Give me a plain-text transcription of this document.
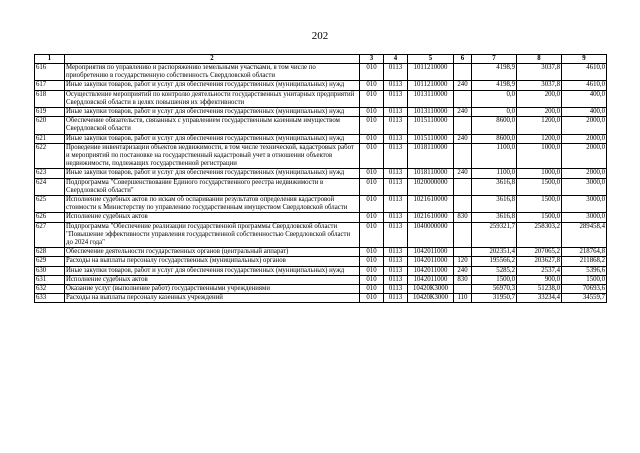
202
1	2	3	4	5	6	7	8	9
616	Мероприятия по управлению и распоряжению земельными участками, в том числе по приобретению в государственную собственность Свердловской области	010	0113	1011210000		4198,9	3037,8	4610,0
617	Иные закупки товаров, работ и услуг для обеспечения государственных (муниципальных) нужд	010	0113	1011210000	240	4198,9	3037,8	4610,0
618	Осуществление мероприятий по контролю деятельности государственных унитарных предприятий Свердловской области в целях повышения их эффективности	010	0113	1013110000		0,0	200,0	400,0
619	Иные закупки товаров, работ и услуг для обеспечения государственных (муниципальных) нужд	010	0113	1013110000	240	0,0	200,0	400,0
620	Обеспечение обязательств, связанных с управлением государственным казенным имуществом Свердловской области	010	0113	1015110000		8600,0	1200,0	2000,0
621	Иные закупки товаров, работ и услуг для обеспечения государственных (муниципальных) нужд	010	0113	1015110000	240	8600,0	1200,0	2000,0
622	Проведение инвентаризации объектов недвижимости, в том числе технической, кадастровых работ и мероприятий по постановке на государственный кадастровый учет в отношении объектов недвижимости, подлежащих государственной регистрации	010	0113	1018110000		1100,0	1000,0	2000,0
623	Иные закупки товаров, работ и услуг для обеспечения государственных (муниципальных) нужд	010	0113	1018110000	240	1100,0	1000,0	2000,0
624	Подпрограмма "Совершенствование Единого государственного реестра недвижимости в Свердловской области"	010	0113	1020000000		3616,8	1500,0	3000,0
625	Исполнение судебных актов по искам об оспаривании результатов определения кадастровой стоимости к Министерству по управлению государственным имуществом Свердловской области	010	0113	1021610000		3616,8	1500,0	3000,0
626	Исполнение судебных актов	010	0113	1021610000	830	3616,8	1500,0	3000,0
627	Подпрограмма "Обеспечение реализации государственной программы Свердловской области "Повышение эффективности управления государственной собственностью Свердловской области до 2024 года"	010	0113	1040000000		259321,7	258303,2	289458,4
628	Обеспечение деятельности государственных органов (центральный аппарат)	010	0113	1042011000		202351,4	207065,2	218764,8
629	Расходы на выплаты персоналу государственных (муниципальных) органов	010	0113	1042011000	120	195566,2	203627,8	211868,2
630	Иные закупки товаров, работ и услуг для обеспечения государственных (муниципальных) нужд	010	0113	1042011000	240	5285,2	2537,4	5396,6
631	Исполнение судебных актов	010	0113	1042011000	830	1500,0	900,0	1500,0
632	Оказание услуг (выполнение работ) государственными учреждениями	010	0113	10420К3000		56970,3	51238,0	70693,6
633	Расходы на выплаты персоналу казенных учреждений	010	0113	10420К3000	110	31950,7	33234,4	34559,7
